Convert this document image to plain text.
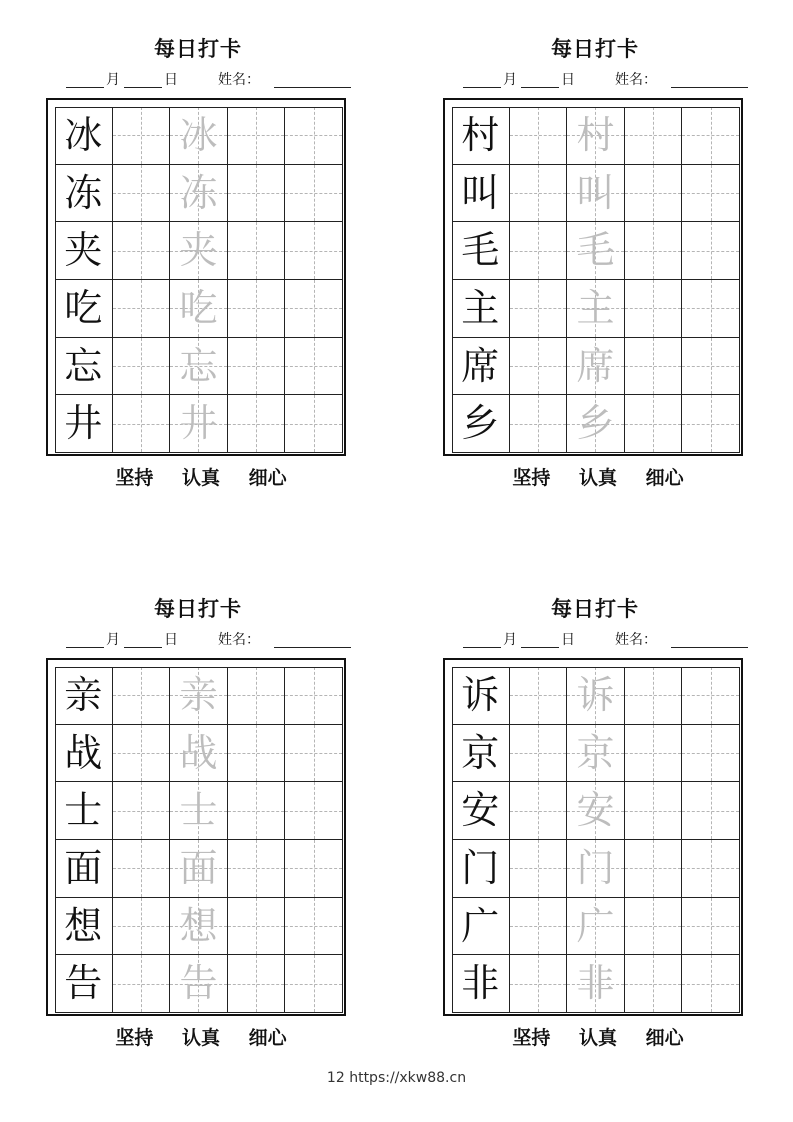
每日打卡
月	日	姓名：
冰 冰
冻 冻
夹 夹
吃 吃
忘 忘
井 井
坚持 认真 细心
每日打卡
月	日	姓名：
村 村
叫 叫
毛 毛
主 主
席 席
乡 乡
坚持 认真 细心
每日打卡
月	日	姓名：
亲 亲
战 战
士 士
面 面
想 想
告 告
坚持 认真 细心
每日打卡
月	日	姓名：
诉 诉
京 京
安 安
门 门
广 广
非 非
坚持 认真 细心
12 https://xkw88.cn
